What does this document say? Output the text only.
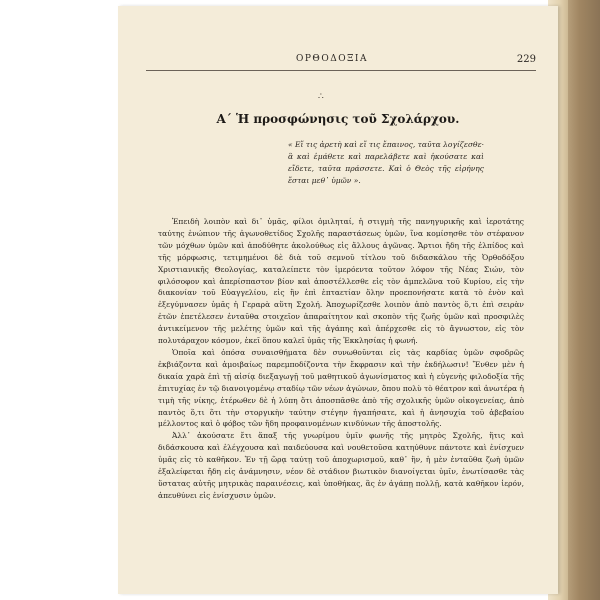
ΟΡΘΟΔΟΞΙΑ	229
∴
Α΄ Ἡ προσφώνησις τοῦ Σχολάρχου.
« Εἴ τις ἀρετὴ καὶ εἴ τις ἔπαινος, ταῦτα λογίζεσθε· ἃ καὶ ἐμάθετε καὶ παρελάβετε καὶ ἠκούσατε καὶ εἴδετε, ταῦτα πράσσετε. Καὶ ὁ Θεὸς τῆς εἰρήνης ἔσται μεθ᾽ ὑμῶν ».

Ἐπειδὴ λοιπὸν καὶ δι᾽ ὑμᾶς, φίλοι ὁμιληταί, ἡ στιγμὴ τῆς πανηγυρικῆς καὶ ἱεροτάτης ταύτης ἑνώπιον τῆς ἀγωνοθετίδος Σχολῆς παραστάσεως ὑμῶν, ἵνα κομίσησθε τὸν στέφανον τῶν μόχθων ὑμῶν καὶ ἀποδύθητε ἀκολούθως εἰς ἄλλους ἀγῶνας. Ἄρτιοι ἤδη τῆς ἐλπίδος καὶ τῆς μόρφωσις, τετιμημένοι δὲ διὰ τοῦ σεμνοῦ τίτλου τοῦ διδασκάλου τῆς Ὀρθοδόξου Χριστιανικῆς Θεολογίας, καταλείπετε τὸν ἱμερόεντα τοῦτον λόφον τῆς Νέας Σιών, τὸν φιλόσοφον καὶ ἀπερίσπαστον βίον καὶ ἀποστέλλεσθε εἰς τὸν ἀμπελῶνα τοῦ Κυρίου, εἰς τὴν διακονίαν τοῦ Εὐαγγελίου, εἰς ἣν ἐπὶ ἑπταετίαν ὅλην προεπονήσατε κατὰ τὸ ἐνὸν καὶ ἐξεγύμνασεν ὑμᾶς ἡ Γεραρὰ αὕτη Σχολή. Ἀποχωρίζεσθε λοιπὸν ἀπὸ παντὸς ὅ,τι ἐπὶ σειρὰν ἐτῶν ἐπετέλεσεν ἐνταῦθα στοιχεῖον ἀπαραίτητον καὶ σκοπὸν τῆς ζωῆς ὑμῶν καὶ προσφιλὲς ἀντικείμενον τῆς μελέτης ὑμῶν καὶ τῆς ἀγάπης καὶ ἀπέρχεσθε εἰς τὸ ἄγνωστον, εἰς τὸν πολυτάραχον κόσμον, ἐκεῖ ὅπου καλεῖ ὑμᾶς τῆς Ἐκκλησίας ἡ φωνή.

Ὁποῖα καὶ ὁπόσα συναισθήματα δὲν συνωθοῦνται εἰς τὰς καρδίας ὑμῶν σφοδρῶς ἐκβιάζοντα καὶ ἀμοιβαίως παρεμποδίζοντα τὴν ἔκφρασιν καὶ τὴν ἐκδήλωσιν! Ἔνθεν μὲν ἡ δικαία χαρὰ ἐπὶ τῇ αἰσίᾳ διεξαγωγῇ τοῦ μαθητικοῦ ἀγωνίσματος καὶ ἡ εὐγενὴς φιλοδοξία τῆς ἐπιτυχίας ἐν τῷ διανοιγομένῳ σταδίῳ τῶν νέων ἀγώνων, ὅπου πολὺ τὸ θέατρον καὶ ἀνωτέρα ἡ τιμὴ τῆς νίκης, ἑτέρωθεν δὲ ἡ λύπη ὅτι ἀποσπᾶσθε ἀπὸ τῆς σχολικῆς ὑμῶν οἰκογενείας, ἀπὸ παντὸς ὅ,τι ὅτι τὴν στοργικὴν ταύτην στέγην ἠγαπήσατε, καὶ ἡ ἀνησυχία τοῦ ἀβεβαίου μέλλοντος καὶ ὁ φόβος τῶν ἤδη προφαινομένων κινδύνων τῆς ἀποστολῆς.

Ἀλλ᾽ ἀκούσατε ἔτι ἅπαξ τῆς γνωρίμου ὑμῖν φωνῆς τῆς μητρὸς Σχολῆς, ἥτις καὶ διδάσκουσα καὶ ἐλέγχουσα καὶ παιδεύουσα καὶ νουθετοῦσα κατηύθυνε πάντοτε καὶ ἐνίσχυεν ὑμᾶς εἰς τὸ καθῆκον. Ἐν τῇ ὥρᾳ ταύτῃ τοῦ ἀποχωρισμοῦ, καθ᾽ ἣν, ἡ μὲν ἐνταῦθα ζωὴ ὑμῶν ἐξαλείφεται ἤδη εἰς ἀνάμνησιν, νέον δὲ στάδιον βιωτικὸν διανοίγεται ὑμῖν, ἐνωτίσασθε τὰς ὕστατας αὐτῆς μητρικὰς παραινέσεις, καὶ ὑποθήκας, ἃς ἐν ἀγάπῃ πολλῇ, κατὰ καθῆκον ἱερόν, ἀπευθύνει εἰς ἐνίσχυσιν ὑμῶν.
